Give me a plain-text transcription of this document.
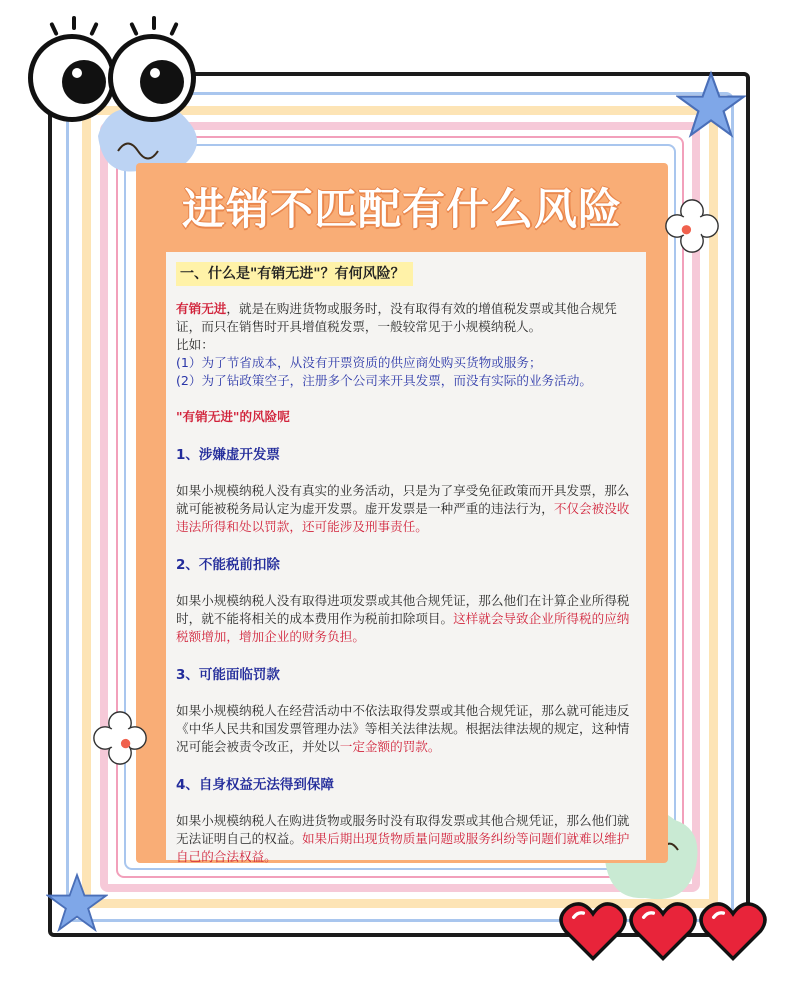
进销不匹配有什么风险
一、什么是"有销无进"？有何风险？

有销无进，就是在购进货物或服务时，没有取得有效的增值税发票或其他合规凭证，而只在销售时开具增值税发票，一般较常见于小规模纳税人。

比如：

(1）为了节省成本，从没有开票资质的供应商处购买货物或服务；

(2）为了钻政策空子，注册多个公司来开具发票，而没有实际的业务活动。

"有销无进"的风险呢

1、涉嫌虚开发票

如果小规模纳税人没有真实的业务活动，只是为了享受免征政策而开具发票，那么就可能被税务局认定为虚开发票。虚开发票是一种严重的违法行为，不仅会被没收违法所得和处以罚款，还可能涉及刑事责任。

2、不能税前扣除

如果小规模纳税人没有取得进项发票或其他合规凭证，那么他们在计算企业所得税时，就不能将相关的成本费用作为税前扣除项目。这样就会导致企业所得税的应纳税额增加，增加企业的财务负担。

3、可能面临罚款

如果小规模纳税人在经营活动中不依法取得发票或其他合规凭证，那么就可能违反《中华人民共和国发票管理办法》等相关法律法规。根据法律法规的规定，这种情况可能会被责令改正，并处以一定金额的罚款。

4、自身权益无法得到保障

如果小规模纳税人在购进货物或服务时没有取得发票或其他合规凭证，那么他们就无法证明自己的权益。如果后期出现货物质量问题或服务纠纷等问题们就难以维护自己的合法权益。
